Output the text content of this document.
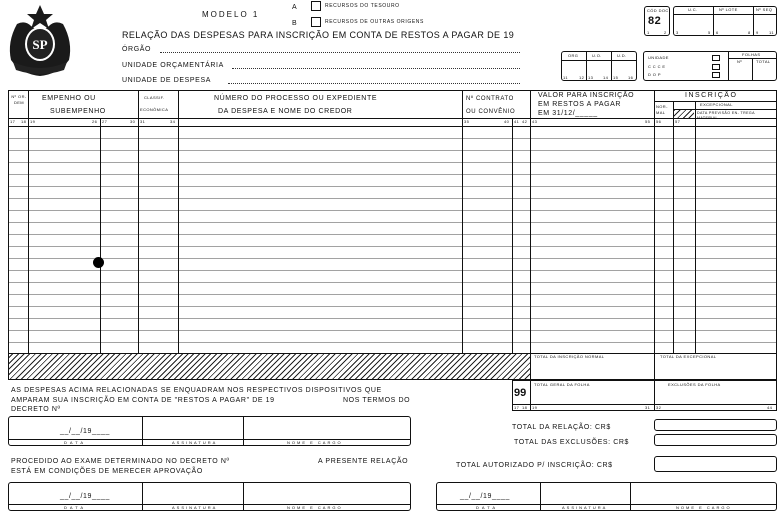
SP
MODELO 1
A	RECURSOS DO TESOURO
B	RECURSOS DE OUTRAS ORIGENS
RELAÇÃO DAS DESPESAS PARA INSCRIÇÃO EM CONTA DE RESTOS A PAGAR DE 19
ÓRGÃO
UNIDADE ORÇAMENTÁRIA
UNIDADE DE DESPESA
CÓD DOC
82
1	2
U.C.	Nº LOTE	Nº SEQ
3	5 6	8 9	11
ORG	U.O.	U.D.
11	12 13 14 15 16
UNIDADE
C C C E
D O P
FOLHAS
Nº	TOTAL
Nº OR- DEM
EMPENHO OU
SUBEMPENHO
CLASSIF.
ECONÔMICA
NÚMERO DO PROCESSO OU EXPEDIENTE
DA DESPESA E NOME DO CREDOR
Nº CONTRATO
OU CONVÊNIO
VALOR PARA INSCRIÇÃO
EM RESTOS A PAGAR
EM 31/12/_____
INSCRIÇÃO
NOR- MAL
EXCEPCIONAL
DATA PREVISÃO EN- TREGA MATERIAL
17 18 19	26 27	30 31	34	35	40 41 42 43	55 56	57
TOTAL DA INSCRIÇÃO NORMAL	TOTAL DA EXCEPCIONAL
99
TOTAL GERAL DA FOLHA	EXCLUSÕES DA FOLHA
17 18 19	31 32	44
AS DESPESAS ACIMA RELACIONADAS SE ENQUADRAM NOS RESPECTIVOS DISPOSITIVOS QUE
AMPARAM SUA INSCRIÇÃO EM CONTA DE "RESTOS A PAGAR" DE 19	NOS TERMOS DO
DECRETO Nº
__/__/19____
DATA	ASSINATURA	NOME E CARGO
TOTAL DA RELAÇÃO: CR$
TOTAL DAS EXCLUSÕES: CR$
TOTAL AUTORIZADO P/ INSCRIÇÃO: CR$
PROCEDIDO AO EXAME DETERMINADO NO DECRETO Nº	A PRESENTE RELAÇÃO
ESTÁ EM CONDIÇÕES DE MERECER APROVAÇÃO
__/__/19____
DATA	ASSINATURA	NOME E CARGO
__/__/19____
DATA	ASSINATURA	NOME E CARGO
